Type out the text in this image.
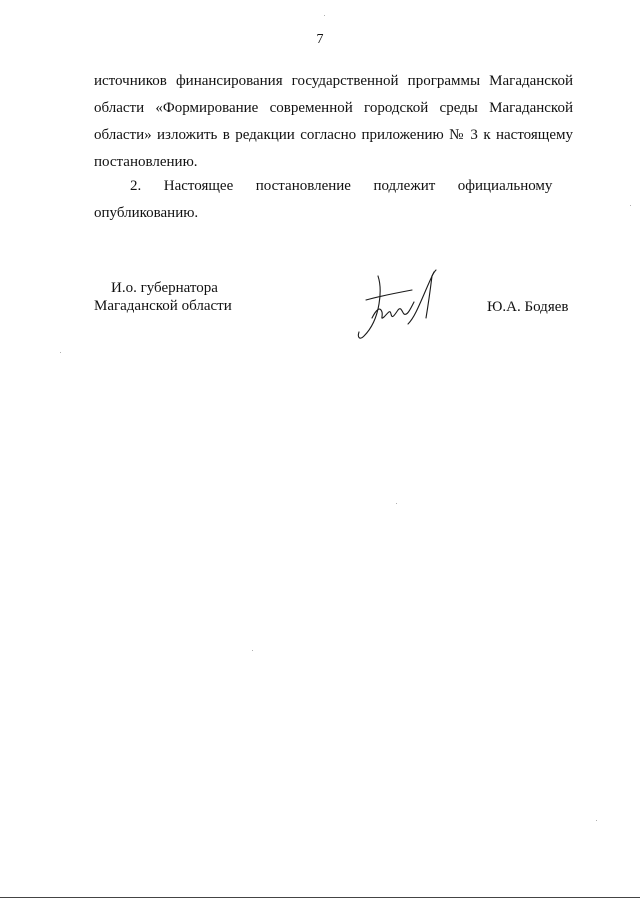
7
источников финансирования государственной программы Магаданской
области «Формирование современной городской среды Магаданской
области» изложить в редакции согласно приложению № 3 к настоящему
постановлению.
2.      Настоящее      постановление      подлежит      официальному
опубликованию.
И.о. губернатора
Магаданской области	Ю.А. Бодяев
